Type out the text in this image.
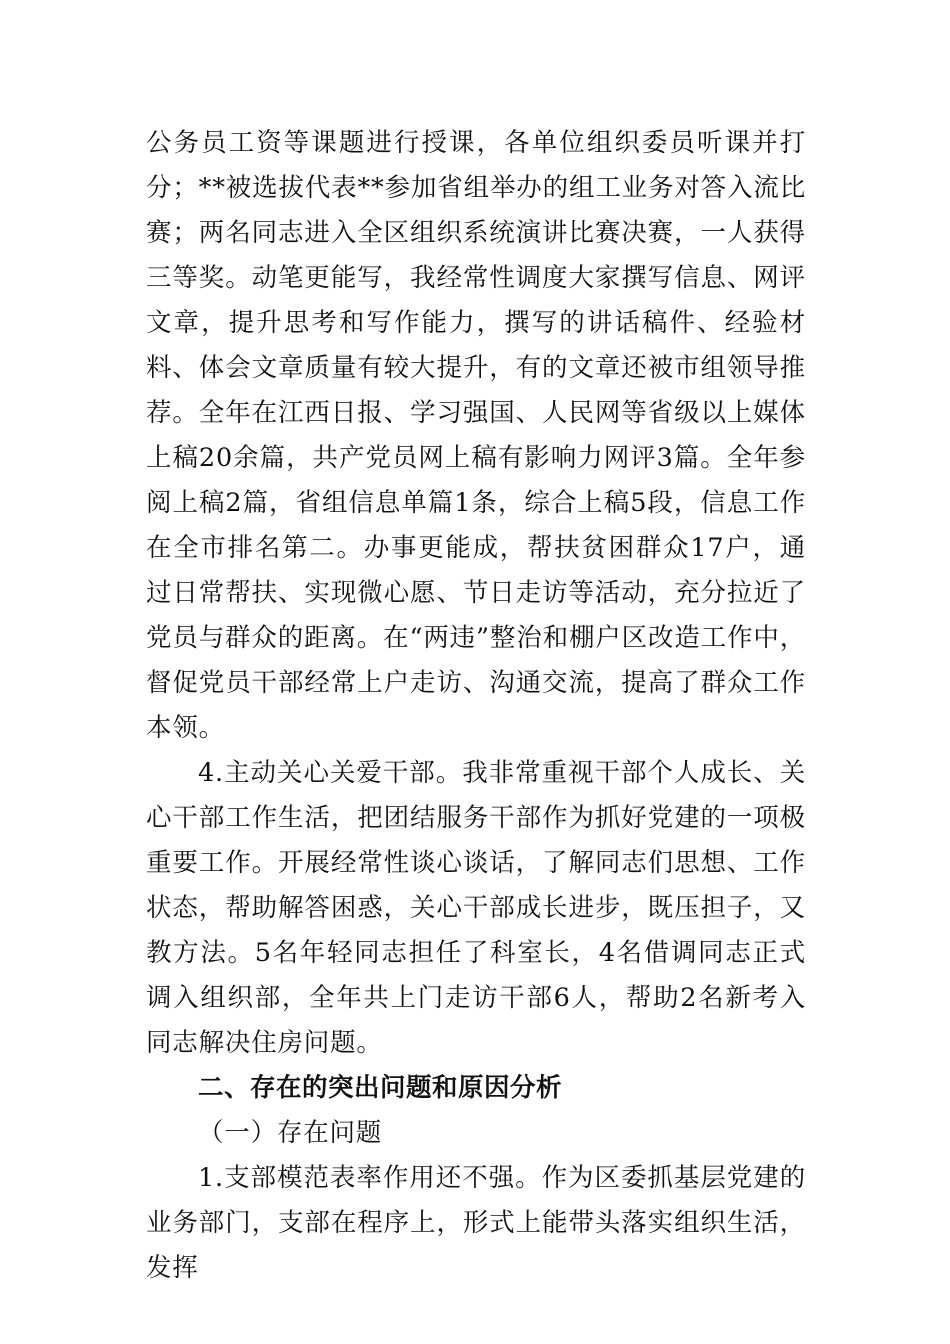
公务员工资等课题进行授课，各单位组织委员听课并打分；**被选拔代表**参加省组举办的组工业务对答入流比赛；两名同志进入全区组织系统演讲比赛决赛，一人获得三等奖。动笔更能写，我经常性调度大家撰写信息、网评文章，提升思考和写作能力，撰写的讲话稿件、经验材料、体会文章质量有较大提升，有的文章还被市组领导推荐。全年在江西日报、学习强国、人民网等省级以上媒体上稿20余篇，共产党员网上稿有影响力网评3篇。全年参阅上稿2篇，省组信息单篇1条，综合上稿5段，信息工作在全市排名第二。办事更能成，帮扶贫困群众17户，通过日常帮扶、实现微心愿、节日走访等活动，充分拉近了党员与群众的距离。在“两违”整治和棚户区改造工作中，督促党员干部经常上户走访、沟通交流，提高了群众工作本领。

4.主动关心关爱干部。我非常重视干部个人成长、关心干部工作生活，把团结服务干部作为抓好党建的一项极重要工作。开展经常性谈心谈话，了解同志们思想、工作状态，帮助解答困惑，关心干部成长进步，既压担子，又教方法。5名年轻同志担任了科室长，4名借调同志正式调入组织部，全年共上门走访干部6人，帮助2名新考入同志解决住房问题。

二、存在的突出问题和原因分析

（一）存在问题

1.支部模范表率作用还不强。作为区委抓基层党建的业务部门，支部在程序上，形式上能带头落实组织生活，发挥
